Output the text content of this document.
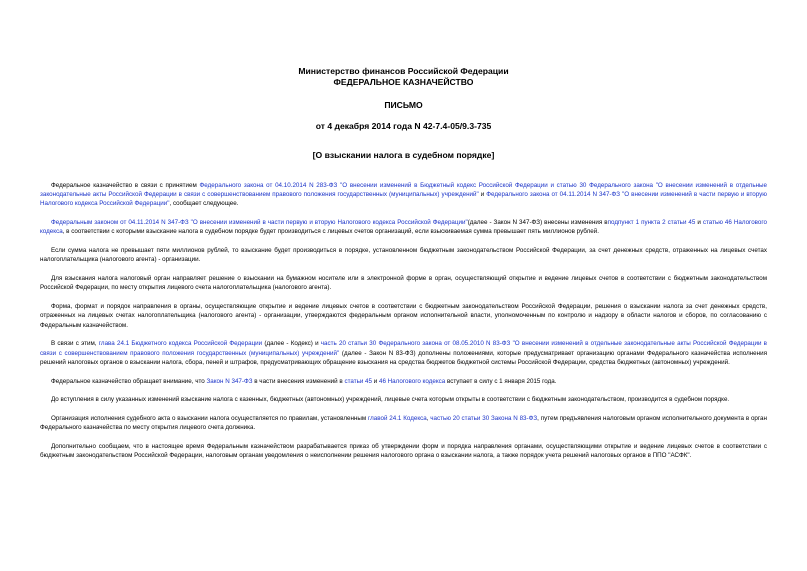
Министерство финансов Российской Федерации
ФЕДЕРАЛЬНОЕ КАЗНАЧЕЙСТВО
ПИСЬМО
от 4 декабря 2014 года N 42-7.4-05/9.3-735
[О взыскании налога в судебном порядке]

Федеральное казначейство в связи с принятием Федерального закона от 04.10.2014 N 283-ФЗ "О внесении изменений в Бюджетный кодекс Российской Федерации и статью 30 Федерального закона "О внесении изменений в отдельные законодательные акты Российской Федерации в связи с совершенствованием правового положения государственных (муниципальных) учреждений" и Федерального закона от 04.11.2014 N 347-ФЗ "О внесении изменений в части первую и вторую Налогового кодекса Российской Федерации", сообщает следующее.

Федеральным законом от 04.11.2014 N 347-ФЗ "О внесении изменений в части первую и вторую Налогового кодекса Российской Федерации"(далее - Закон N 347-ФЗ) внесены изменения вподпункт 1 пункта 2 статьи 45 и статью 46 Налогового кодекса, в соответствии с которыми взыскание налога в судебном порядке будет производиться с лицевых счетов организаций, если взыскиваемая сумма превышает пять миллионов рублей.

Если сумма налога не превышает пяти миллионов рублей, то взыскание будет производиться в порядке, установленном бюджетным законодательством Российской Федерации, за счет денежных средств, отраженных на лицевых счетах налогоплательщика (налогового агента) - организации.

Для взыскания налога налоговый орган направляет решение о взыскании на бумажном носителе или в электронной форме в орган, осуществляющий открытие и ведение лицевых счетов в соответствии с бюджетным законодательством Российской Федерации, по месту открытия лицевого счета налогоплательщика (налогового агента).

Форма, формат и порядок направления в органы, осуществляющие открытие и ведение лицевых счетов в соответствии с бюджетным законодательством Российской Федерации, решения о взыскании налога за счет денежных средств, отраженных на лицевых счетах налогоплательщика (налогового агента) - организации, утверждаются федеральным органом исполнительной власти, уполномоченным по контролю и надзору в области налогов и сборов, по согласованию с Федеральным казначейством.

В связи с этим, глава 24.1 Бюджетного кодекса Российской Федерации (далее - Кодекс) и часть 20 статьи 30 Федерального закона от 08.05.2010 N 83-ФЗ "О внесении изменений в отдельные законодательные акты Российской Федерации в связи с совершенствованием правового положения государственных (муниципальных) учреждений" (далее - Закон N 83-ФЗ) дополнены положениями, которые предусматривает организацию органами Федерального казначейства исполнения решений налоговых органов о взыскании налога, сбора, пеней и штрафов, предусматривающих обращение взыскания на средства бюджетов бюджетной системы Российской Федерации, средства бюджетных (автономных) учреждений.

Федеральное казначейство обращает внимание, что Закон N 347-ФЗ в части внесения изменений в статьи 45 и 46 Налогового кодекса вступает в силу с 1 января 2015 года.

До вступления в силу указанных изменений взыскание налога с казенных, бюджетных (автономных) учреждений, лицевые счета которым открыты в соответствии с бюджетным законодательством, производится в судебном порядке.

Организация исполнения судебного акта о взыскании налога осуществляется по правилам, установленным главой 24.1 Кодекса, частью 20 статьи 30 Закона N 83-ФЗ, путем предъявления налоговым органом исполнительного документа в орган Федерального казначейства по месту открытия лицевого счета должника.

Дополнительно сообщаем, что в настоящее время Федеральным казначейством разрабатывается приказ об утверждении форм и порядка направления органами, осуществляющими открытие и ведение лицевых счетов в соответствии с бюджетным законодательством Российской Федерации, налоговым органам уведомления о неисполнении решения налогового органа о взыскании налога, а также порядок учета решений налоговых органов в ППО "АСФК".
